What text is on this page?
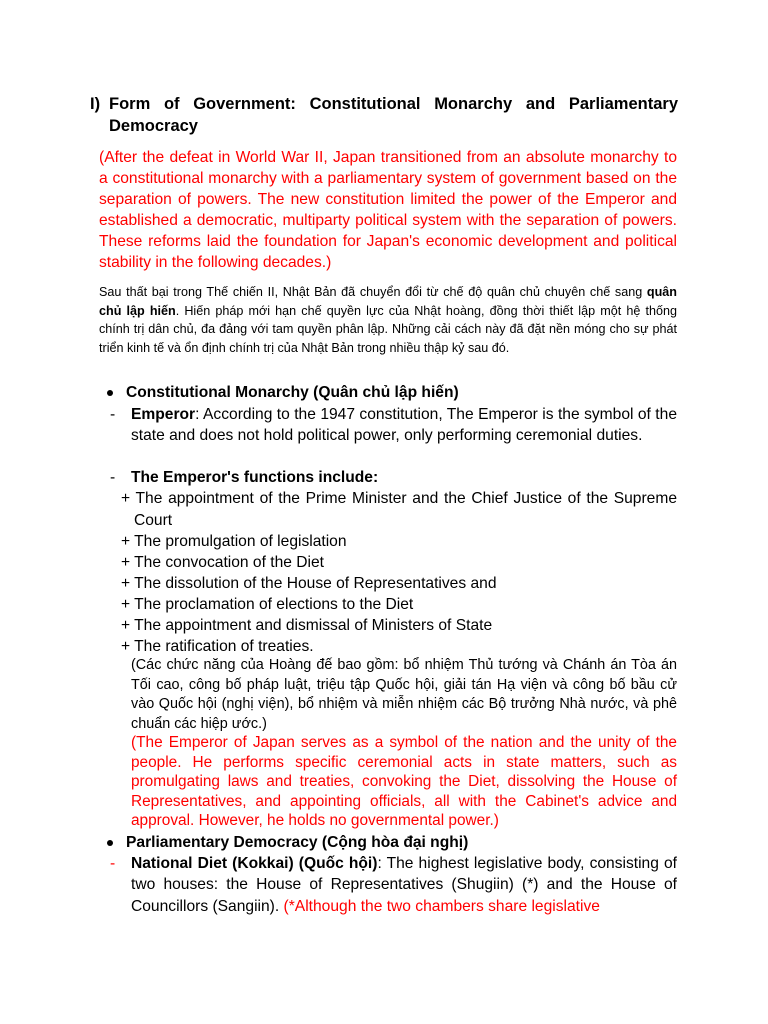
I) Form of Government: Constitutional Monarchy and Parliamentary
Democracy
(After the defeat in World War II, Japan transitioned from an absolute monarchy to a constitutional monarchy with a parliamentary system of government based on the separation of powers. The new constitution limited the power of the Emperor and established a democratic, multiparty political system with the separation of powers. These reforms laid the foundation for Japan's economic development and political stability in the following decades.)
Sau thất bại trong Thế chiến II, Nhật Bản đã chuyển đổi từ chế độ quân chủ chuyên chế sang quân chủ lập hiến. Hiến pháp mới hạn chế quyền lực của Nhật hoàng, đồng thời thiết lập một hệ thống chính trị dân chủ, đa đảng với tam quyền phân lập. Những cải cách này đã đặt nền móng cho sự phát triển kinh tế và ổn định chính trị của Nhật Bản trong nhiều thập kỷ sau đó.
Constitutional Monarchy (Quân chủ lập hiến)
-	Emperor: According to the 1947 constitution, The Emperor is the symbol of the state and does not hold political power, only performing ceremonial duties.
-	The Emperor's functions include:
+ The appointment of the Prime Minister and the Chief Justice of the Supreme Court
+ The promulgation of legislation
+ The convocation of the Diet
+ The dissolution of the House of Representatives and
+ The proclamation of elections to the Diet
+ The appointment and dismissal of Ministers of State
+ The ratification of treaties.
(Các chức năng của Hoàng đế bao gồm: bổ nhiệm Thủ tướng và Chánh án Tòa án Tối cao, công bố pháp luật, triệu tập Quốc hội, giải tán Hạ viện và công bố bầu cử vào Quốc hội (nghị viện), bổ nhiệm và miễn nhiệm các Bộ trưởng Nhà nước, và phê chuẩn các hiệp ước.)
(The Emperor of Japan serves as a symbol of the nation and the unity of the people. He performs specific ceremonial acts in state matters, such as promulgating laws and treaties, convoking the Diet, dissolving the House of Representatives, and appointing officials, all with the Cabinet's advice and approval. However, he holds no governmental power.)
Parliamentary Democracy (Cộng hòa đại nghị)
-	National Diet (Kokkai) (Quốc hội): The highest legislative body, consisting of two houses: the House of Representatives (Shugiin) (*) and the House of Councillors (Sangiin). (*Although the two chambers share legislative
